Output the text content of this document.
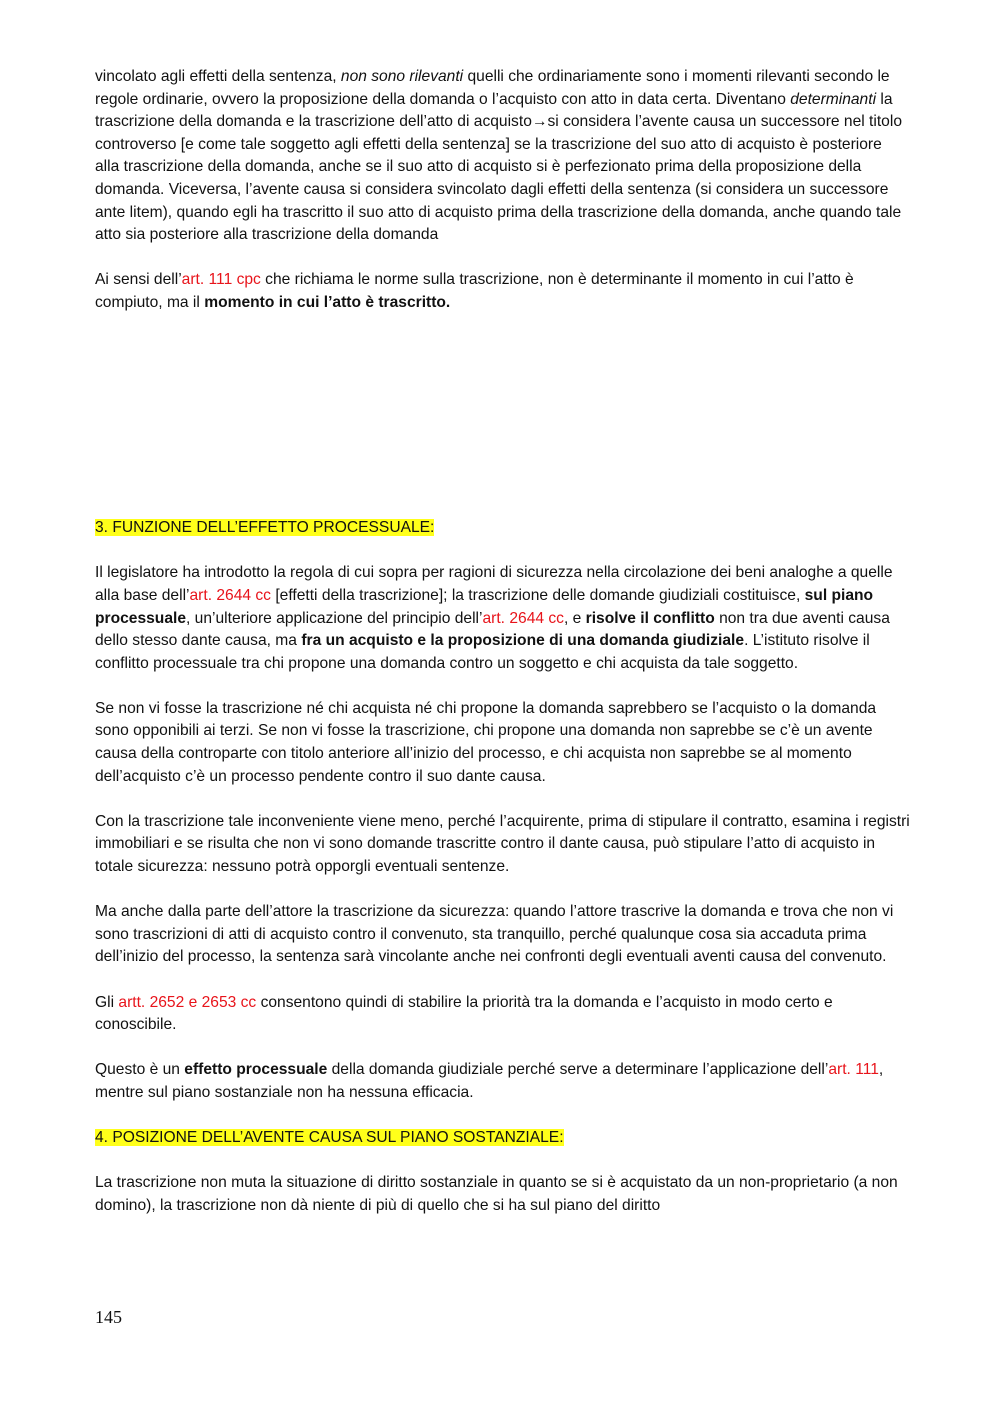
vincolato agli effetti della sentenza, non sono rilevanti quelli che ordinariamente sono i momenti rilevanti secondo le regole ordinarie, ovvero la proposizione della domanda o l’acquisto con atto in data certa. Diventano determinanti la trascrizione della domanda e la trascrizione dell’atto di acquisto→si considera l’avente causa un successore nel titolo controverso [e come tale soggetto agli effetti della sentenza] se la trascrizione del suo atto di acquisto è posteriore alla trascrizione della domanda, anche se il suo atto di acquisto si è perfezionato prima della proposizione della domanda. Viceversa, l’avente causa si considera svincolato dagli effetti della sentenza (si considera un successore ante litem), quando egli ha trascritto il suo atto di acquisto prima della trascrizione della domanda, anche quando tale atto sia posteriore alla trascrizione della domanda

Ai sensi dell’art. 111 cpc che richiama le norme sulla trascrizione, non è determinante il momento in cui l’atto è compiuto, ma il momento in cui l’atto è trascritto.

3. FUNZIONE DELL’EFFETTO PROCESSUALE:

Il legislatore ha introdotto la regola di cui sopra per ragioni di sicurezza nella circolazione dei beni analoghe a quelle alla base dell’art. 2644 cc [effetti della trascrizione]; la trascrizione delle domande giudiziali costituisce, sul piano processuale, un’ulteriore applicazione del principio dell’art. 2644 cc, e risolve il conflitto non tra due aventi causa dello stesso dante causa, ma fra un acquisto e la proposizione di una domanda giudiziale. L’istituto risolve il conflitto processuale tra chi propone una domanda contro un soggetto e chi acquista da tale soggetto.

Se non vi fosse la trascrizione né chi acquista né chi propone la domanda saprebbero se l’acquisto o la domanda sono opponibili ai terzi. Se non vi fosse la trascrizione, chi propone una domanda non saprebbe se c’è un avente causa della controparte con titolo anteriore all’inizio del processo, e chi acquista non saprebbe se al momento dell’acquisto c’è un processo pendente contro il suo dante causa.

Con la trascrizione tale inconveniente viene meno, perché l’acquirente, prima di stipulare il contratto, esamina i registri immobiliari e se risulta che non vi sono domande trascritte contro il dante causa, può stipulare l’atto di acquisto in totale sicurezza: nessuno potrà opporgli eventuali sentenze.

Ma anche dalla parte dell’attore la trascrizione da sicurezza: quando l’attore trascrive la domanda e trova che non vi sono trascrizioni di atti di acquisto contro il convenuto, sta tranquillo, perché qualunque cosa sia accaduta prima dell’inizio del processo, la sentenza sarà vincolante anche nei confronti degli eventuali aventi causa del convenuto.

Gli artt. 2652 e 2653 cc consentono quindi di stabilire la priorità tra la domanda e l’acquisto in modo certo e conoscibile.

Questo è un effetto processuale della domanda giudiziale perché serve a determinare l’applicazione dell’art. 111, mentre sul piano sostanziale non ha nessuna efficacia.

4. POSIZIONE DELL’AVENTE CAUSA SUL PIANO SOSTANZIALE:

La trascrizione non muta la situazione di diritto sostanziale in quanto se si è acquistato da un non-proprietario (a non domino), la trascrizione non dà niente di più di quello che si ha sul piano del diritto

145
